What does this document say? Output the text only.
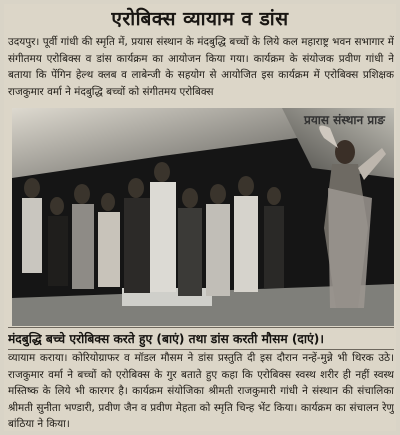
एरोबिक्स व्यायाम व डांस
उदयपुर। पूर्वी गांधी की स्मृति में, प्रयास संस्थान के मंदबुद्धि बच्चों के लिये कल महाराष्ट्र भवन सभागार में संगीतमय एरोबिक्स व डांस कार्यक्रम का आयोजन किया गया। कार्यक्रम के संयोजक प्रवीण गांधी ने बताया कि पेंगिन हेल्थ क्लब व लाबेन्जी के सहयोग से आयोजित इस कार्यक्रम में एरोबिक्स प्रशिक्षक राजकुमार वर्मा ने मंदबुद्धि बच्चों को संगीतमय एरोबिक्स
प्रयास संस्थान प्राङ
मंदबुद्धि बच्चे एरोबिक्स करते हुए (बाएं) तथा डांस करती मौसम (दाएं)।
व्यायाम कराया। कोरियोग्राफर व मॉडल मौसम ने डांस प्रस्तुति दी इस दौरान नन्हें-मुन्ने भी थिरक उठे। राजकुमार वर्मा ने बच्चों को एरोबिक्स के गुर बताते हुए कहा कि एरोबिक्स स्वस्थ शरीर ही नहीं स्वस्थ मस्तिष्क के लिये भी कारगर है। कार्यक्रम संयोजिका श्रीमती राजकुमारी गांधी ने संस्थान की संचालिका श्रीमती सुनीता भण्डारी, प्रवीण जैन व प्रवीण मेहता को स्मृति चिन्ह भेंट किया। कार्यक्रम का संचालन रेणु बांठिया ने किया।
